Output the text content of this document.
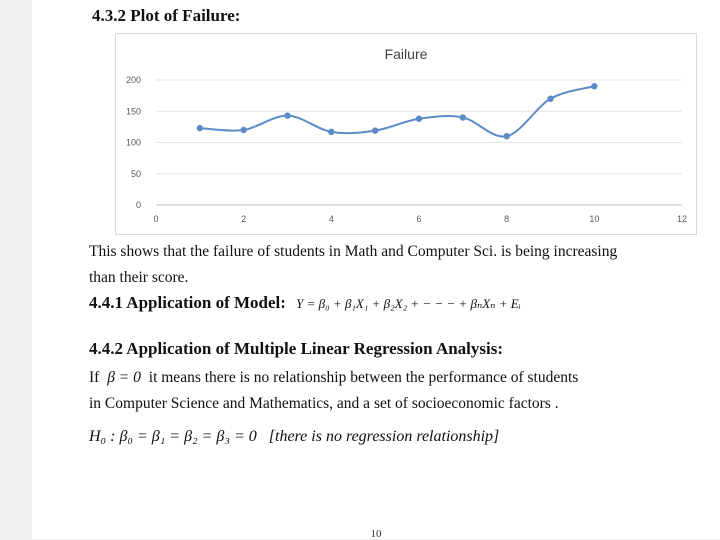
4.3.2 Plot of Failure:
Failure
0
50
100
150
200
0	2	4	6	8	10	12
This shows that the failure of students in Math and Computer Sci. is being increasing
than their score.
4.4.1 Application of Model: Y = β₀ + β₁X₁ + β₂X₂ + − − − + βₙXₙ + Eᵢ
4.4.2 Application of Multiple Linear Regression Analysis:
If β = 0 it means there is no relationship between the performance of students
in Computer Science and Mathematics, and a set of socioeconomic factors .
H₀ : β₀ = β₁ = β₂ = β₃ = 0 [there is no regression relationship]
10
